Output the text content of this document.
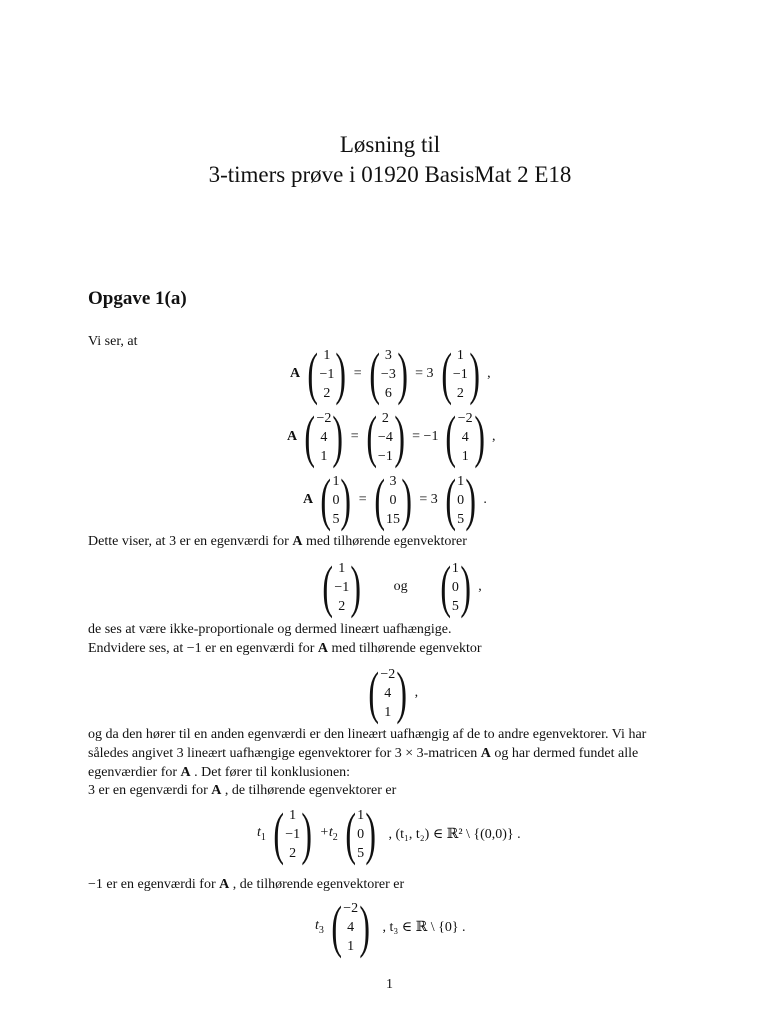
Løsning til
3-timers prøve i 01920 BasisMat 2 E18
Opgave 1(a)
Vi ser, at
A ( 1
−1
2 ) = ( 3
−3
6 ) = 3 ( 1
−1
2 ) ,
A ( −2
4
1 ) = ( 2
−4
−1 ) = −1 ( −2
4
1 ) ,
A ( 1
0
5 ) = ( 3
0
15 ) = 3 ( 1
0
5 ) .
Dette viser, at 3 er en egenværdi for A med tilhørende egenvektorer
( 1
−1
2 )	og ( 1
0
5 ) ,
de ses at være ikke-proportionale og dermed lineært uafhængige.
Endvidere ses, at −1 er en egenværdi for A med tilhørende egenvektor
( −2
4
1 ) ,
og da den hører til en anden egenværdi er den lineært uafhængig af de to andre egenvektorer. Vi har
således angivet 3 lineært uafhængige egenvektorer for 3 × 3-matricen A og har dermed fundet alle
egenværdier for A . Det fører til konklusionen:
3 er en egenværdi for A , de tilhørende egenvektorer er
$t_1$ ( 1
−1
2 ) $+t_2$ ( 1
0
5 ) , (t₁, t₂) ∈ ℝ² \ {(0,0)} .
−1 er en egenværdi for A , de tilhørende egenvektorer er
$t_3$ ( −2
4
1 ) , t₃ ∈ ℝ \ {0} .
1
